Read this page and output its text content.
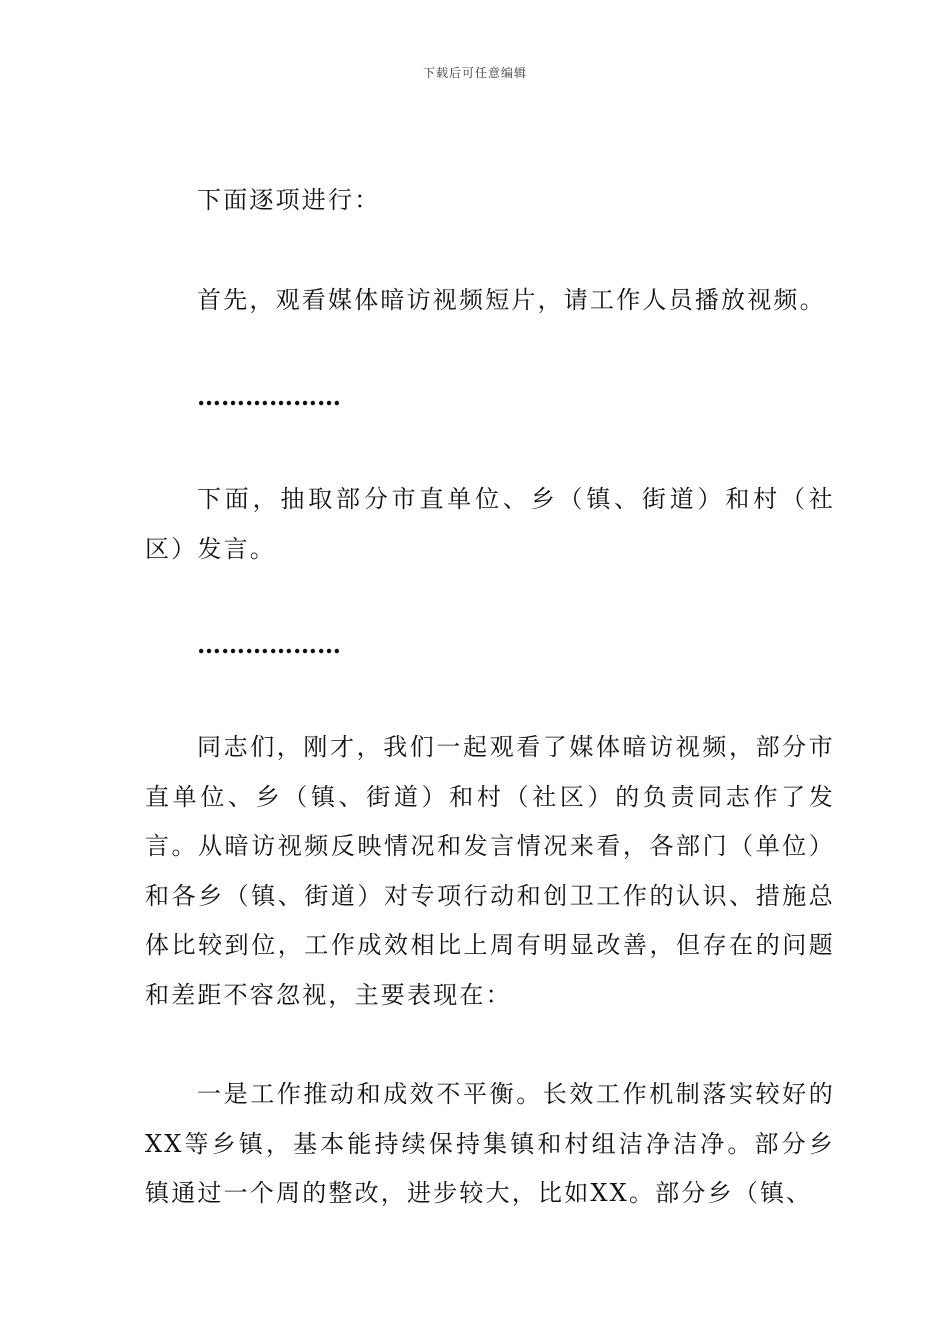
下载后可任意编辑

下面逐项进行：

首先，观看媒体暗访视频短片，请工作人员播放视频。

………………

下面，抽取部分市直单位、乡（镇、街道）和村（社区）发言。

………………

同志们，刚才，我们一起观看了媒体暗访视频，部分市直单位、乡（镇、街道）和村（社区）的负责同志作了发言。从暗访视频反映情况和发言情况来看，各部门（单位）和各乡（镇、街道）对专项行动和创卫工作的认识、措施总体比较到位，工作成效相比上周有明显改善，但存在的问题和差距不容忽视，主要表现在：

一是工作推动和成效不平衡。长效工作机制落实较好的XX等乡镇，基本能持续保持集镇和村组洁净洁净。部分乡镇通过一个周的整改，进步较大，比如XX。部分乡（镇、
